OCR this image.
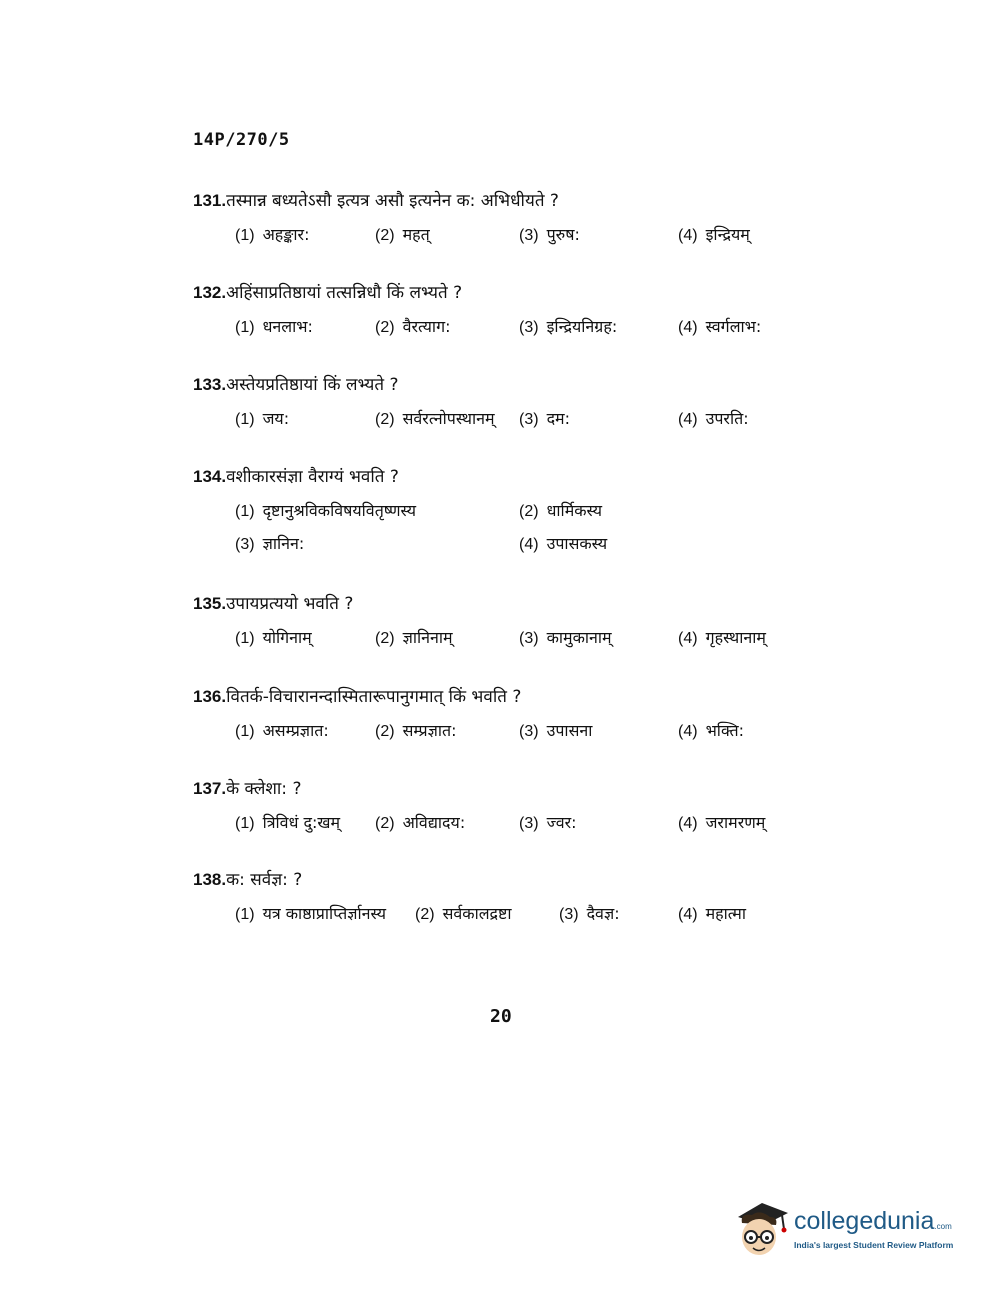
14P/270/5
131.तस्मान्न बध्यतेऽसौ इत्यत्र असौ इत्यनेन क: अभिधीयते ?
(1) अहङ्कार:	(2) महत्	(3) पुरुष:	(4) इन्द्रियम्
132.अहिंसाप्रतिष्ठायां तत्सन्निधौ किं लभ्यते ?
(1) धनलाभ:	(2) वैरत्याग:	(3) इन्द्रियनिग्रह:	(4) स्वर्गलाभ:
133.अस्तेयप्रतिष्ठायां किं लभ्यते ?
(1) जय:	(2) सर्वरत्नोपस्थानम् (3) दम:	(4) उपरति:
134.वशीकारसंज्ञा वैराग्यं भवति ?
(1) दृष्टानुश्रविकविषयवितृष्णस्य	(2) धार्मिकस्य
(3) ज्ञानिन:	(4) उपासकस्य
135.उपायप्रत्ययो भवति ?
(1) योगिनाम्	(2) ज्ञानिनाम्	(3) कामुकानाम्	(4) गृहस्थानाम्
136.वितर्क-विचारानन्दास्मितारूपानुगमात् किं भवति ?
(1) असम्प्रज्ञात:	(2) सम्प्रज्ञात:	(3) उपासना	(4) भक्ति:
137.के क्लेशा: ?
(1) त्रिविधं दु:खम् (2) अविद्यादय:	(3) ज्वर:	(4) जरामरणम्
138.क: सर्वज्ञ: ?
(1) यत्र काष्ठाप्राप्तिर्ज्ञानस्य (2) सर्वकालद्रष्टा	(3) दैवज्ञ:	(4) महात्मा
20
collegedunia.com
India's largest Student Review Platform
